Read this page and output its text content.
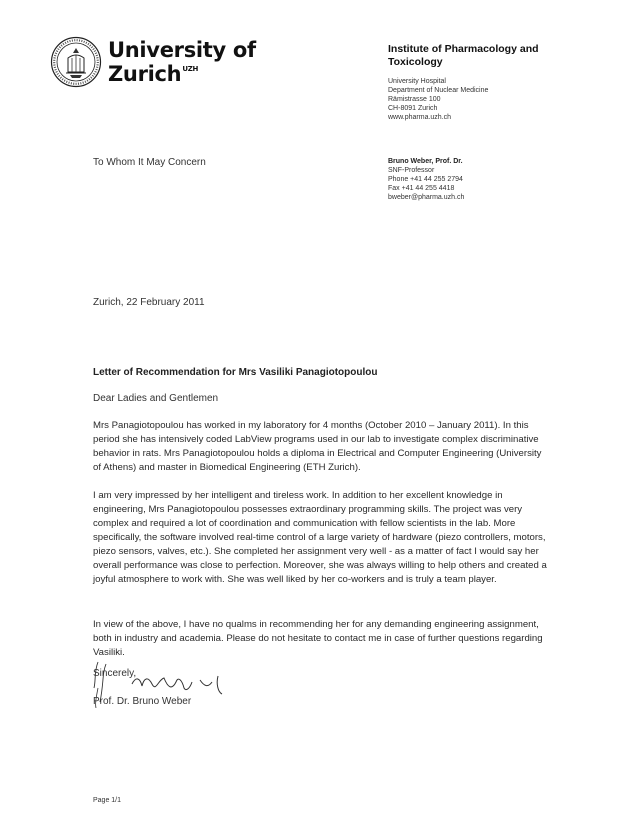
University of
Zurich$^{UZH}$
Institute of Pharmacology and
Toxicology
University Hospital
Department of Nuclear Medicine
Rämistrasse 100
CH-8091 Zurich
www.pharma.uzh.ch
To Whom It May Concern	Bruno Weber, Prof. Dr.
SNF-Professor
Phone +41 44 255 2794
Fax +41 44 255 4418
bweber@pharma.uzh.ch
Zurich, 22 February 2011
Letter of Recommendation for Mrs Vasiliki Panagiotopoulou
Dear Ladies and Gentlemen
Mrs Panagiotopoulou has worked in my laboratory for 4 months (October 2010 – January 2011). In this period she has intensively coded LabView programs used in our lab to investigate complex discriminative behavior in rats. Mrs Panagiotopoulou holds a diploma in Electrical and Computer Engineering (University of Athens) and master in Biomedical Engineering (ETH Zurich).
I am very impressed by her intelligent and tireless work. In addition to her excellent knowledge in engineering, Mrs Panagiotopoulou possesses extraordinary programming skills. The project was very complex and required a lot of coordination and communication with fellow scientists in the lab. More specifically, the software involved real-time control of a large variety of hardware (piezo controllers, motors, piezo sensors, valves, etc.). She completed her assignment very well - as a matter of fact I would say her overall performance was close to perfection. Moreover, she was always willing to help others and created a joyful atmosphere to work with. She was well liked by her co-workers and is truly a team player.
In view of the above, I have no qualms in recommending her for any demanding engineering assignment, both in industry and academia. Please do not hesitate to contact me in case of further questions regarding Vasiliki.
Sincerely,
Prof. Dr. Bruno Weber
Page 1/1
